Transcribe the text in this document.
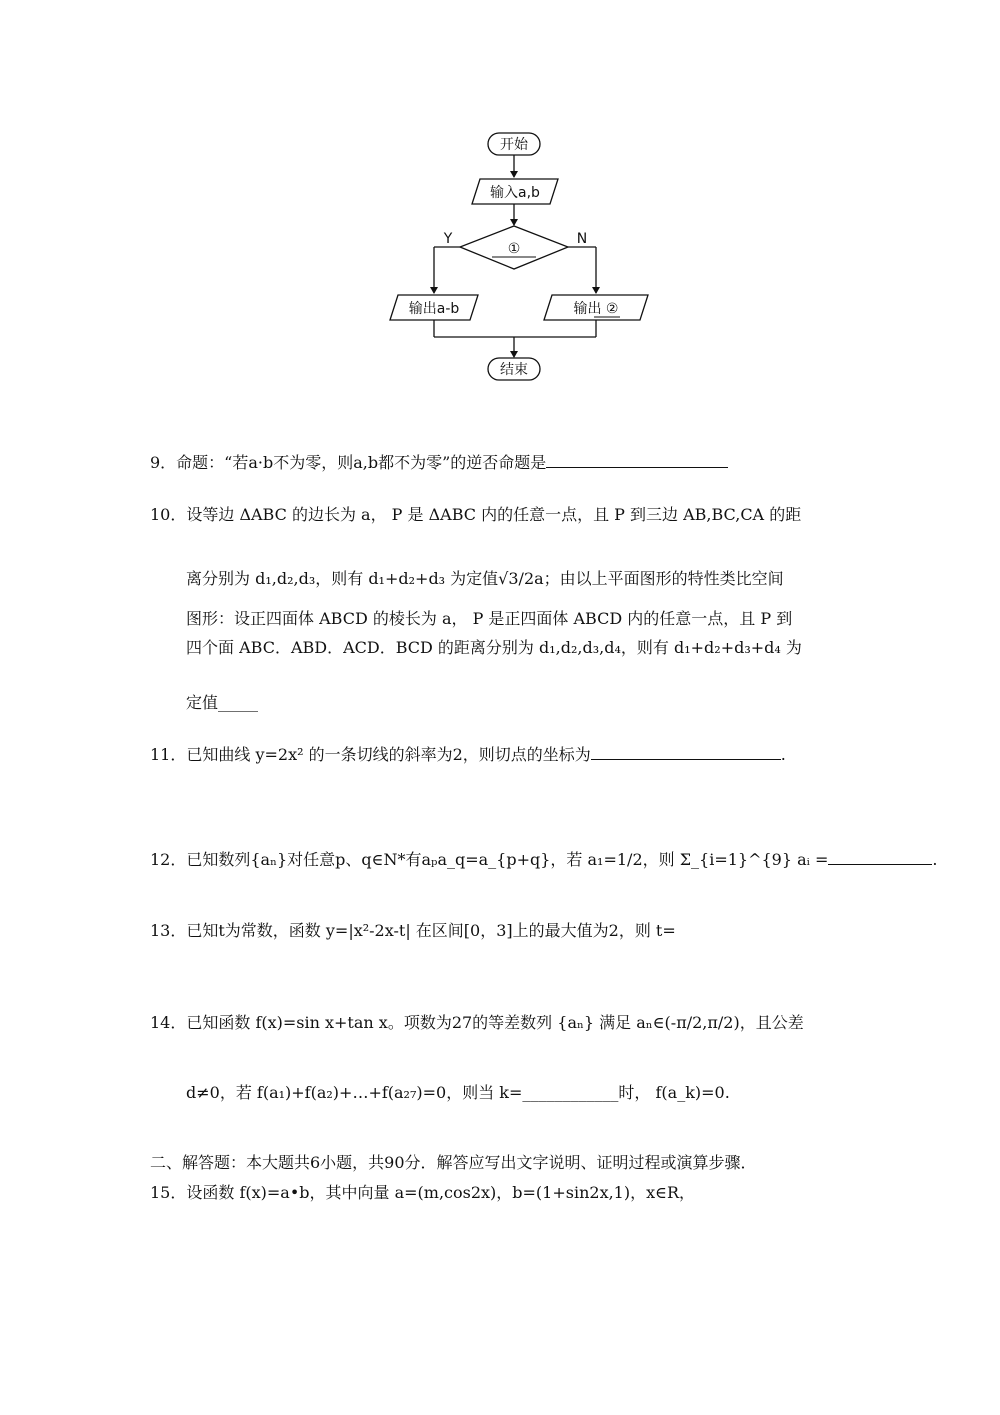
开始
输入a,b
①
Y	N
输出a-b	输出 ②
结束
9．命题：“若a·b不为零，则a,b都不为零”的逆否命题是
10．设等边 ΔABC 的边长为 a， P 是 ΔABC 内的任意一点，且 P 到三边 AB,BC,CA 的距
离分别为 d₁,d₂,d₃，则有 d₁+d₂+d₃ 为定值√3/2a；由以上平面图形的特性类比空间
图形：设正四面体 ABCD 的棱长为 a， P 是正四面体 ABCD 内的任意一点，且 P 到
四个面 ABC．ABD．ACD．BCD 的距离分别为 d₁,d₂,d₃,d₄，则有 d₁+d₂+d₃+d₄ 为
定值_____
11．已知曲线 y=2x² 的一条切线的斜率为2，则切点的坐标为	.
12．已知数列{aₙ}对任意p、q∈N*有aₚa_q=a_{p+q}，若 a₁=1/2，则 Σ_{i=1}^{9} aᵢ =	.
13．已知t为常数，函数 y=|x²-2x-t| 在区间[0，3]上的最大值为2，则 t=
14．已知函数 f(x)=sin x+tan x。项数为27的等差数列 {aₙ} 满足 aₙ∈(-π/2,π/2)，且公差
d≠0，若 f(a₁)+f(a₂)+…+f(a₂₇)=0，则当 k=____________时， f(a_k)=0.
二、解答题：本大题共6小题，共90分．解答应写出文字说明、证明过程或演算步骤．
15．设函数 f(x)=a•b，其中向量 a=(m,cos2x)，b=(1+sin2x,1)，x∈R，
